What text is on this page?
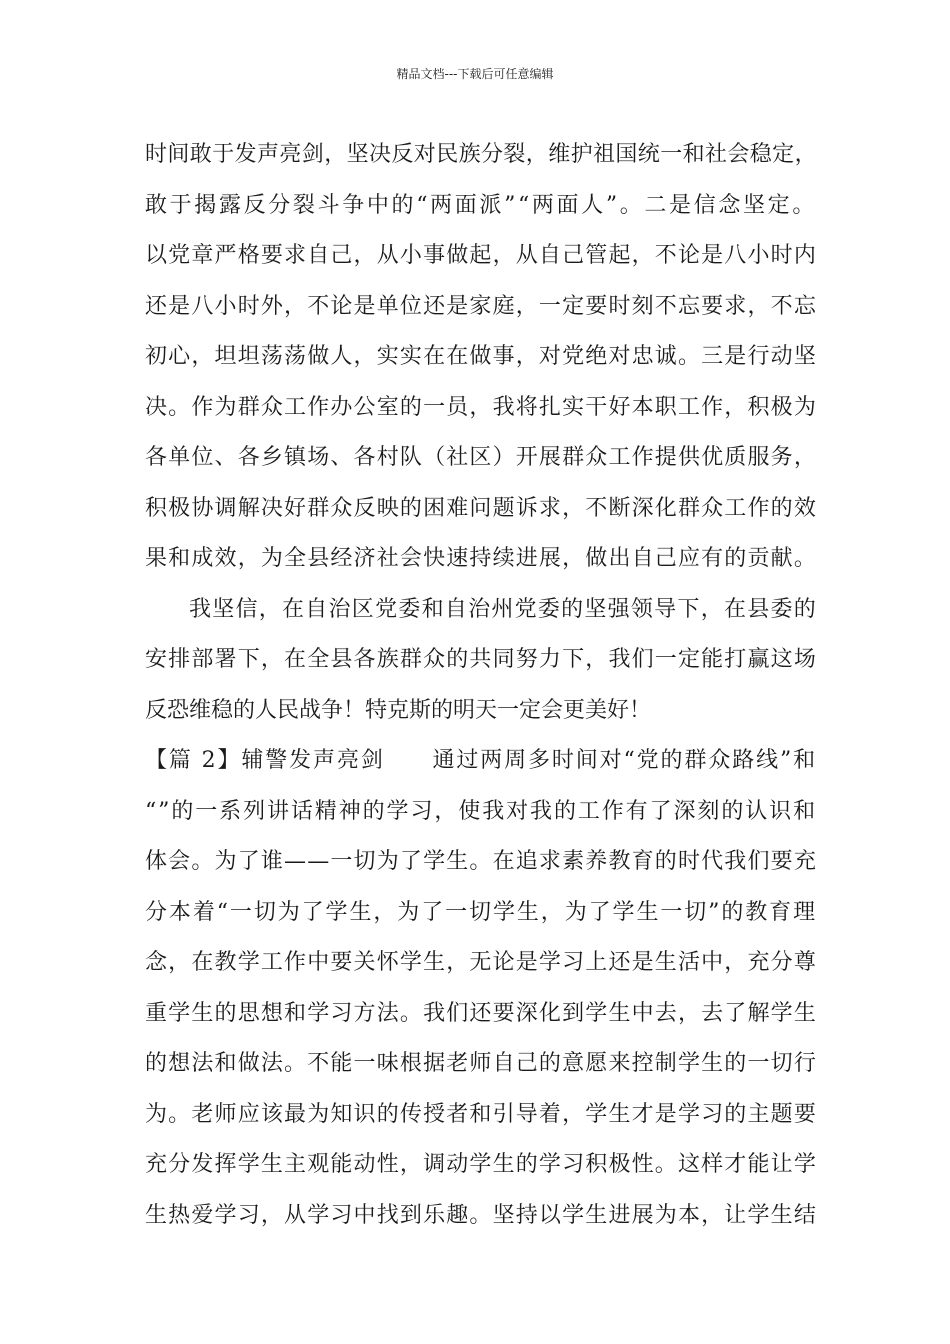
精品文档---下载后可任意编辑
时间敢于发声亮剑，坚决反对民族分裂，维护祖国统一和社会稳定，
敢于揭露反分裂斗争中的“两面派”“两面人”。二是信念坚定。
以党章严格要求自己，从小事做起，从自己管起，不论是八小时内
还是八小时外，不论是单位还是家庭，一定要时刻不忘要求，不忘
初心，坦坦荡荡做人，实实在在做事，对党绝对忠诚。三是行动坚
决。作为群众工作办公室的一员，我将扎实干好本职工作，积极为
各单位、各乡镇场、各村队（社区）开展群众工作提供优质服务，
积极协调解决好群众反映的困难问题诉求，不断深化群众工作的效
果和成效，为全县经济社会快速持续进展，做出自己应有的贡献。
我坚信，在自治区党委和自治州党委的坚强领导下，在县委的
安排部署下，在全县各族群众的共同努力下，我们一定能打赢这场
反恐维稳的人民战争！特克斯的明天一定会更美好！
【篇 2】辅警发声亮剑　　通过两周多时间对“党的群众路线”和
“”的一系列讲话精神的学习，使我对我的工作有了深刻的认识和
体会。为了谁——一切为了学生。在追求素养教育的时代我们要充
分本着“一切为了学生，为了一切学生，为了学生一切”的教育理
念，在教学工作中要关怀学生，无论是学习上还是生活中，充分尊
重学生的思想和学习方法。我们还要深化到学生中去，去了解学生
的想法和做法。不能一味根据老师自己的意愿来控制学生的一切行
为。老师应该最为知识的传授者和引导着，学生才是学习的主题要
充分发挥学生主观能动性，调动学生的学习积极性。这样才能让学
生热爱学习，从学习中找到乐趣。坚持以学生进展为本，让学生结
